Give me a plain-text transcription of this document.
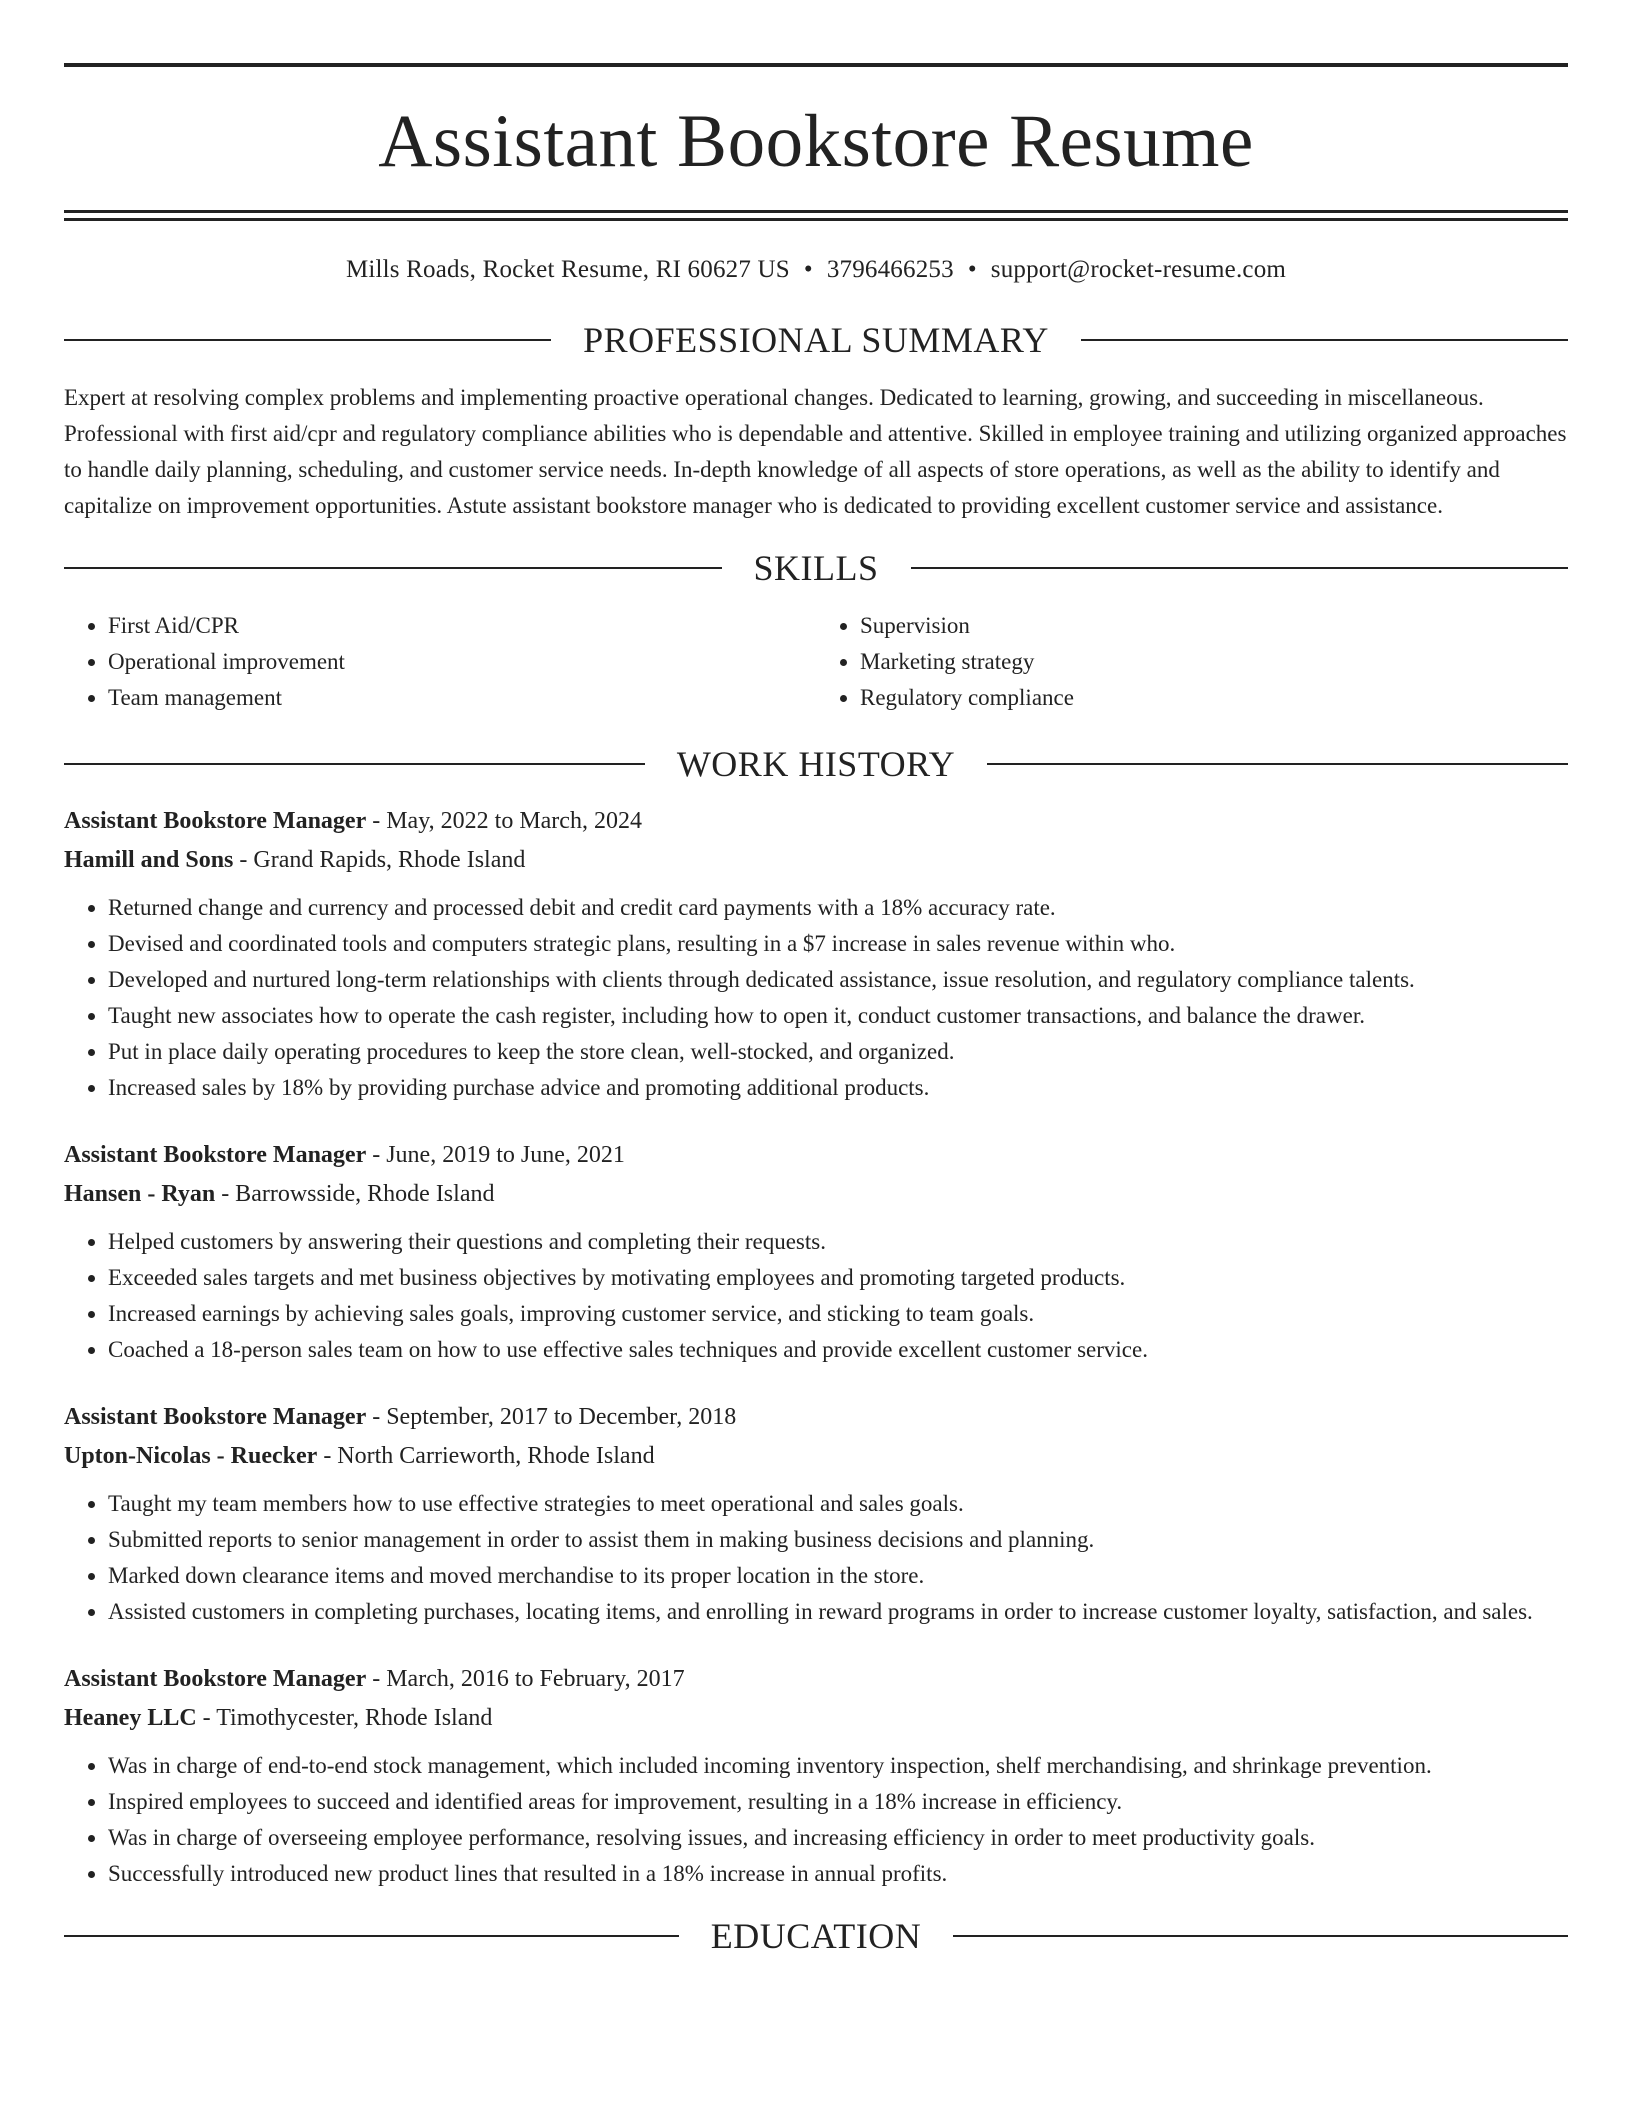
Assistant Bookstore Resume
Mills Roads, Rocket Resume, RI 60627 US • 3796466253 • support@rocket-resume.com
PROFESSIONAL SUMMARY
Expert at resolving complex problems and implementing proactive operational changes. Dedicated to learning, growing, and succeeding in miscellaneous. Professional with first aid/cpr and regulatory compliance abilities who is dependable and attentive. Skilled in employee training and utilizing organized approaches to handle daily planning, scheduling, and customer service needs. In-depth knowledge of all aspects of store operations, as well as the ability to identify and capitalize on improvement opportunities. Astute assistant bookstore manager who is dedicated to providing excellent customer service and assistance.
SKILLS
• First Aid/CPR
• Operational improvement
• Team management
• Supervision
• Marketing strategy
• Regulatory compliance
WORK HISTORY
Assistant Bookstore Manager - May, 2022 to March, 2024
Hamill and Sons - Grand Rapids, Rhode Island
• Returned change and currency and processed debit and credit card payments with a 18% accuracy rate.
• Devised and coordinated tools and computers strategic plans, resulting in a $7 increase in sales revenue within who.
• Developed and nurtured long-term relationships with clients through dedicated assistance, issue resolution, and regulatory compliance talents.
• Taught new associates how to operate the cash register, including how to open it, conduct customer transactions, and balance the drawer.
• Put in place daily operating procedures to keep the store clean, well-stocked, and organized.
• Increased sales by 18% by providing purchase advice and promoting additional products.
Assistant Bookstore Manager - June, 2019 to June, 2021
Hansen - Ryan - Barrowsside, Rhode Island
• Helped customers by answering their questions and completing their requests.
• Exceeded sales targets and met business objectives by motivating employees and promoting targeted products.
• Increased earnings by achieving sales goals, improving customer service, and sticking to team goals.
• Coached a 18-person sales team on how to use effective sales techniques and provide excellent customer service.
Assistant Bookstore Manager - September, 2017 to December, 2018
Upton-Nicolas - Ruecker - North Carrieworth, Rhode Island
• Taught my team members how to use effective strategies to meet operational and sales goals.
• Submitted reports to senior management in order to assist them in making business decisions and planning.
• Marked down clearance items and moved merchandise to its proper location in the store.
• Assisted customers in completing purchases, locating items, and enrolling in reward programs in order to increase customer loyalty, satisfaction, and sales.
Assistant Bookstore Manager - March, 2016 to February, 2017
Heaney LLC - Timothycester, Rhode Island
• Was in charge of end-to-end stock management, which included incoming inventory inspection, shelf merchandising, and shrinkage prevention.
• Inspired employees to succeed and identified areas for improvement, resulting in a 18% increase in efficiency.
• Was in charge of overseeing employee performance, resolving issues, and increasing efficiency in order to meet productivity goals.
• Successfully introduced new product lines that resulted in a 18% increase in annual profits.
EDUCATION
